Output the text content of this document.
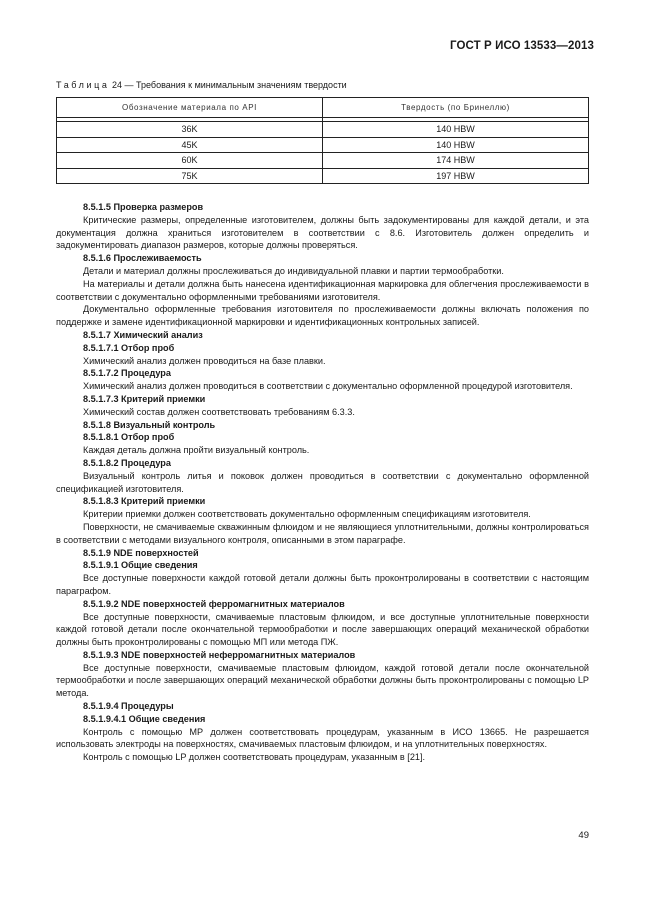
ГОСТ Р ИСО 13533—2013
Таблица 24 — Требования к минимальным значениям твердости
Обозначение материала по API	Твердость (по Бринеллю)

36K	140 HBW
45K	140 HBW
60K	174 HBW
75K	197 HBW

8.5.1.5 Проверка размеров

Критические размеры, определенные изготовителем, должны быть задокументированы для каждой детали, и эта документация должна храниться изготовителем в соответствии с 8.6. Изготовитель должен определить и задокументировать диапазон размеров, которые должны проверяться.

8.5.1.6 Прослеживаемость

Детали и материал должны прослеживаться до индивидуальной плавки и партии термообработки.

На материалы и детали должна быть нанесена идентификационная маркировка для облегчения прослеживаемости в соответствии с документально оформленными требованиями изготовителя.

Документально оформленные требования изготовителя по прослеживаемости должны включать положения по поддержке и замене идентификационной маркировки и идентификационных контрольных записей.

8.5.1.7 Химический анализ

8.5.1.7.1 Отбор проб

Химический анализ должен проводиться на базе плавки.

8.5.1.7.2 Процедура

Химический анализ должен проводиться в соответствии с документально оформленной процедурой изготовителя.

8.5.1.7.3 Критерий приемки

Химический состав должен соответствовать требованиям 6.3.3.

8.5.1.8 Визуальный контроль

8.5.1.8.1 Отбор проб

Каждая деталь должна пройти визуальный контроль.

8.5.1.8.2 Процедура

Визуальный контроль литья и поковок должен проводиться в соответствии с документально оформленной спецификацией изготовителя.

8.5.1.8.3 Критерий приемки

Критерии приемки должен соответствовать документально оформленным спецификациям изготовителя.

Поверхности, не смачиваемые скважинным флюидом и не являющиеся уплотнительными, должны контролироваться в соответствии с методами визуального контроля, описанными в этом параграфе.

8.5.1.9 NDE поверхностей

8.5.1.9.1 Общие сведения

Все доступные поверхности каждой готовой детали должны быть проконтролированы в соответствии с настоящим параграфом.

8.5.1.9.2 NDE поверхностей ферромагнитных материалов

Все доступные поверхности, смачиваемые пластовым флюидом, и все доступные уплотнительные поверхности каждой готовой детали после окончательной термообработки и после завершающих операций механической обработки должны быть проконтролированы с помощью МП или метода ПЖ.

8.5.1.9.3 NDE поверхностей неферромагнитных материалов

Все доступные поверхности, смачиваемые пластовым флюидом, каждой готовой детали после окончательной термообработки и после завершающих операций механической обработки должны быть проконтролированы с помощью LP метода.

8.5.1.9.4 Процедуры

8.5.1.9.4.1 Общие сведения

Контроль с помощью МР должен соответствовать процедурам, указанным в ИСО 13665. Не разрешается использовать электроды на поверхностях, смачиваемых пластовым флюидом, и на уплотнительных поверхностях.

Контроль с помощью LP должен соответствовать процедурам, указанным в [21].

49
